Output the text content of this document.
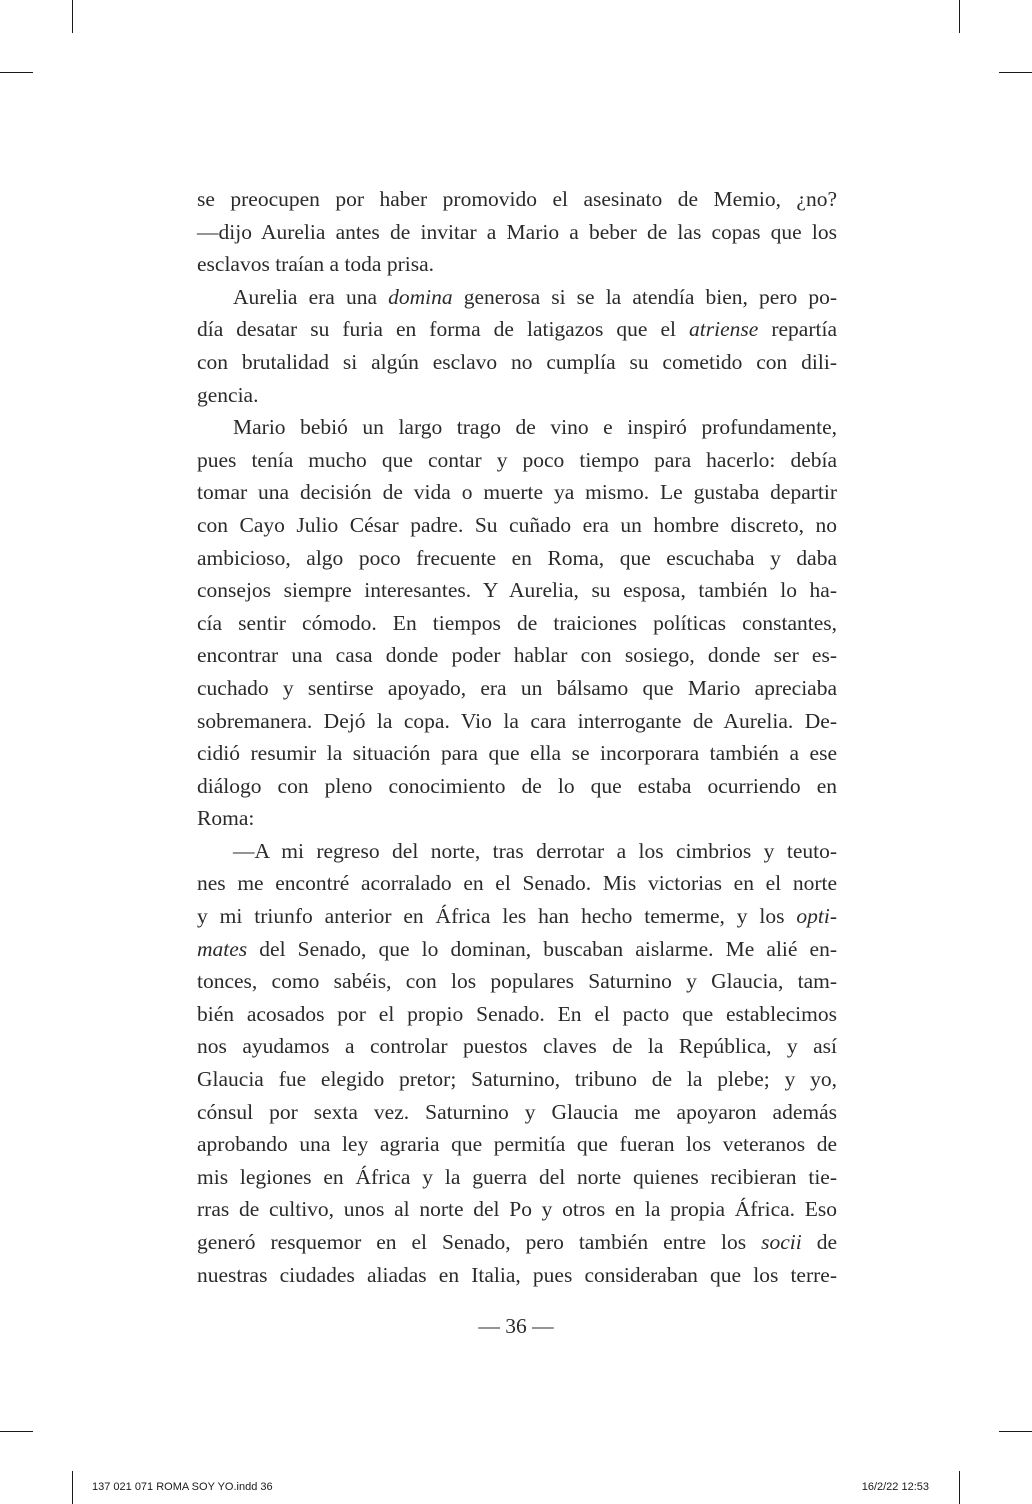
se preocupen por haber promovido el asesinato de Memio, ¿no?
—dijo Aurelia antes de invitar a Mario a beber de las copas que los
esclavos traían a toda prisa.
Aurelia era una domina generosa si se la atendía bien, pero po-
día desatar su furia en forma de latigazos que el atriense repartía
con brutalidad si algún esclavo no cumplía su cometido con dili-
gencia.
Mario bebió un largo trago de vino e inspiró profundamente,
pues tenía mucho que contar y poco tiempo para hacerlo: debía
tomar una decisión de vida o muerte ya mismo. Le gustaba departir
con Cayo Julio César padre. Su cuñado era un hombre discreto, no
ambicioso, algo poco frecuente en Roma, que escuchaba y daba
consejos siempre interesantes. Y Aurelia, su esposa, también lo ha-
cía sentir cómodo. En tiempos de traiciones políticas constantes,
encontrar una casa donde poder hablar con sosiego, donde ser es-
cuchado y sentirse apoyado, era un bálsamo que Mario apreciaba
sobremanera. Dejó la copa. Vio la cara interrogante de Aurelia. De-
cidió resumir la situación para que ella se incorporara también a ese
diálogo con pleno conocimiento de lo que estaba ocurriendo en
Roma:
—A mi regreso del norte, tras derrotar a los cimbrios y teuto-
nes me encontré acorralado en el Senado. Mis victorias en el norte
y mi triunfo anterior en África les han hecho temerme, y los opti-
mates del Senado, que lo dominan, buscaban aislarme. Me alié en-
tonces, como sabéis, con los populares Saturnino y Glaucia, tam-
bién acosados por el propio Senado. En el pacto que establecimos
nos ayudamos a controlar puestos claves de la República, y así
Glaucia fue elegido pretor; Saturnino, tribuno de la plebe; y yo,
cónsul por sexta vez. Saturnino y Glaucia me apoyaron además
aprobando una ley agraria que permitía que fueran los veteranos de
mis legiones en África y la guerra del norte quienes recibieran tie-
rras de cultivo, unos al norte del Po y otros en la propia África. Eso
generó resquemor en el Senado, pero también entre los socii de
nuestras ciudades aliadas en Italia, pues consideraban que los terre-
— 36 —
137 021 071 ROMA SOY YO.indd 36	16/2/22 12:53
